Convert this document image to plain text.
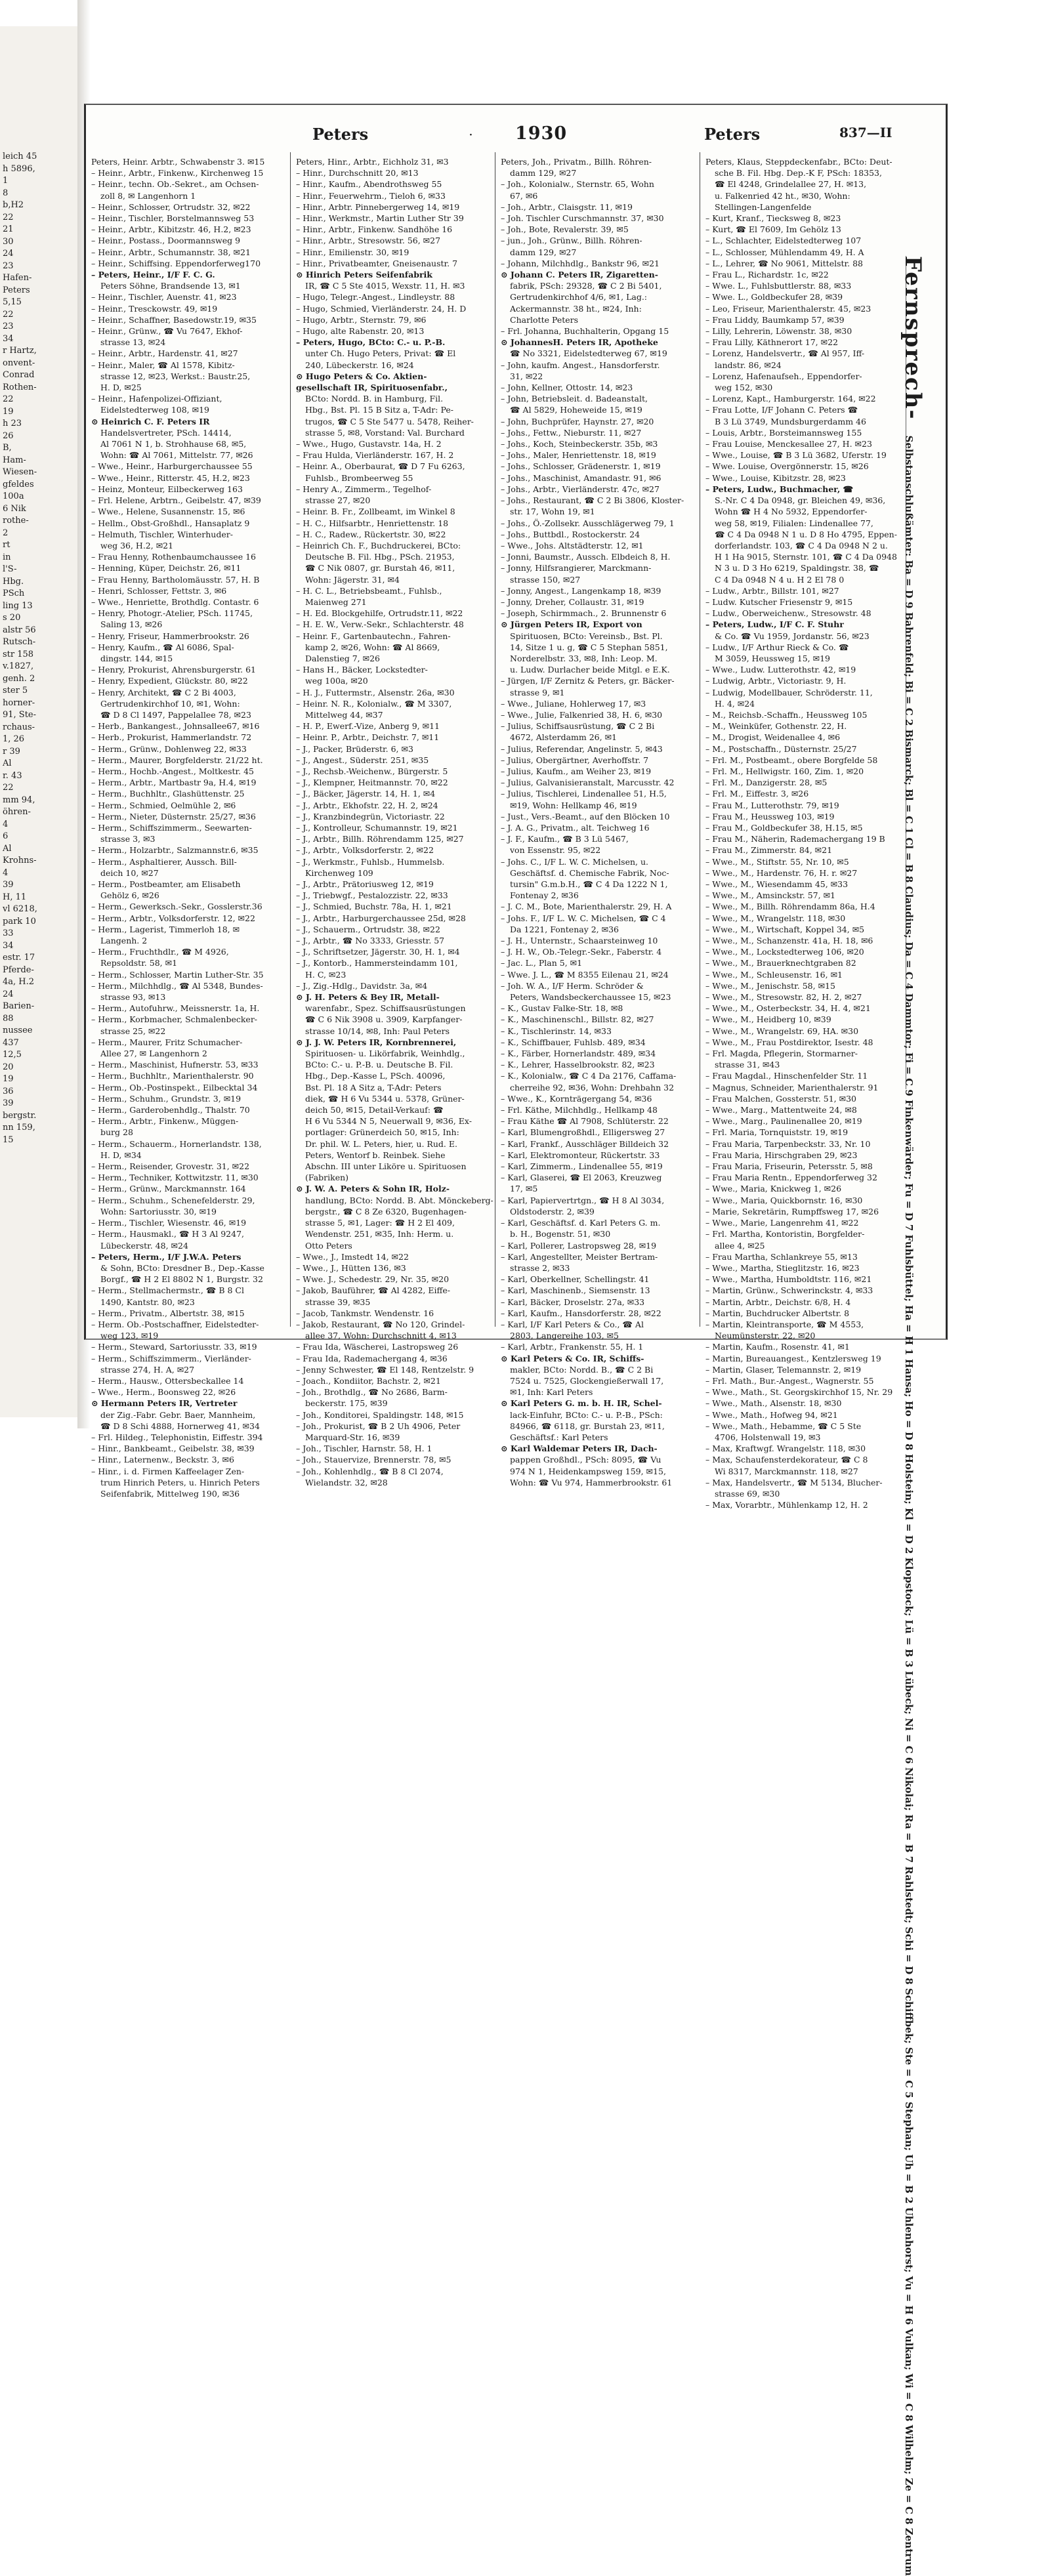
leich 45
h 5896,
1
8
b,H2
22
21
30
24
23
Hafen-
Peters
5,15
22
23
34
r Hartz,
onvent-
Conrad
Rothen-
22
19
h 23
26
B,
Ham-
Wiesen-
gfeldes
100a
6 Nik
rothe-
2
rt
in
l'S-
Hbg.
PSch
ling 13
s 20
alstr 56
Rutsch-
str 158
v.1827,
genh. 2
ster 5
horner-
91, Ste-
rchaus-
1, 26
r 39
Al
r. 43
22
mm 94,
öhren-
4
6
Al
Krohns-
4
39
H, 11
vl 6218,
park 10
33
34
estr. 17
Pferde-
4a, H.2
24
Barien-
88
nussee
437
12,5
20
19
36
39
bergstr.
nn 159,
15
Peters	· 1930	Peters	837—II
Peters, Heinr. Arbtr., Schwabenstr 3. ✉15
– Heinr., Arbtr., Finkenw., Kirchenweg 15
– Heinr., techn. Ob.-Sekret., am Ochsen-
zoll 8, ✉ Langenhorn 1
– Heinr., Schlosser, Ortrudstr. 32, ✉22
– Heinr., Tischler, Borstelmannsweg 53
– Heinr., Arbtr., Kibitzstr. 46, H.2, ✉23
– Heinr., Postass., Doormannsweg 9
– Heinr., Arbtr., Schumannstr. 38, ✉21
– Heinr., Schiffsing. Eppendorferweg170
– Peters, Heinr., I/F F. C. G.
Peters Söhne, Brandsende 13, ✉1
– Heinr., Tischler, Auenstr. 41, ✉23
– Heinr., Tresckowstr. 49, ✉19
– Heinr., Schaffner, Basedowstr.19, ✉35
– Heinr., Grünw., ☎ Vu 7647, Ekhof-
strasse 13, ✉24
– Heinr., Arbtr., Hardenstr. 41, ✉27
– Heinr., Maler, ☎ Al 1578, Kibitz-
strasse 12, ✉23, Werkst.: Baustr.25,
H. D, ✉25
– Heinr., Hafenpolizei-Offiziant,
Eidelstedterweg 108, ✉19
⊙ Heinrich C. F. Peters IR
Handelsvertreter, PSch. 14414,
Al 7061 N 1, b. Strohhause 68, ✉5,
Wohn: ☎ Al 7061, Mittelstr. 77, ✉26
– Wwe., Heinr., Harburgerchaussee 55
– Wwe., Heinr., Ritterstr. 45, H.2, ✉23
– Heinz, Monteur, Eilbeckerweg 163
– Frl. Helene, Arbtrn., Geibelstr. 47, ✉39
– Wwe., Helene, Susannenstr. 15, ✉6
– Hellm., Obst-Großhdl., Hansaplatz 9
– Helmuth, Tischler, Winterhuder-
weg 36, H.2, ✉21
– Frau Henny, Rothenbaumchaussee 16
– Henning, Küper, Deichstr. 26, ✉11
– Frau Henny, Bartholomäusstr. 57, H. B
– Henri, Schlosser, Fettstr. 3, ✉6
– Wwe., Henriette, Brothdlg. Contastr. 6
– Henry, Photogr.-Atelier, PSch. 11745,
Saling 13, ✉26
– Henry, Friseur, Hammerbrookstr. 26
– Henry, Kaufm., ☎ Al 6086, Spal-
dingstr. 144, ✉15
– Henry, Prokurist, Ahrensburgerstr. 61
– Henry, Expedient, Glückstr. 80, ✉22
– Henry, Architekt, ☎ C 2 Bi 4003,
Gertrudenkirchhof 10, ✉1, Wohn:
☎ D 8 Cl 1497, Pappelallee 78, ✉23
– Herb., Bankangest., Johnsallee67, ✉16
– Herb., Prokurist, Hammerlandstr. 72
– Herm., Grünw., Dohlenweg 22, ✉33
– Herm., Maurer, Borgfelderstr. 21/22 ht.
– Herm., Hochb.-Angest., Moltkestr. 45
– Herm., Arbtr., Martbastr 9a, H.4, ✉19
– Herm., Buchhltr., Glashüttenstr. 25
– Herm., Schmied, Oelmühle 2, ✉6
– Herm., Nieter, Düsternstr. 25/27, ✉36
– Herm., Schiffszimmerm., Seewarten-
strasse 3, ✉3
– Herm., Holzarbtr., Salzmannstr.6, ✉35
– Herm., Asphaltierer, Aussch. Bill-
deich 10, ✉27
– Herm., Postbeamter, am Elisabeth
Gehölz 6, ✉26
– Herm., Gewerksch.-Sekr., Gosslerstr.36
– Herm., Arbtr., Volksdorferstr. 12, ✉22
– Herm., Lagerist, Timmerloh 18, ✉
Langenh. 2
– Herm., Fruchthdlr., ☎ M 4926,
Repsoldstr. 58, ✉1
– Herm., Schlosser, Martin Luther-Str. 35
– Herm., Milchhdlg., ☎ Al 5348, Bundes-
strasse 93, ✉13
– Herm., Autofuhrw., Meissnerstr. 1a, H.
– Herm., Korbmacher, Schmalenbecker-
strasse 25, ✉22
– Herm., Maurer, Fritz Schumacher-
Allee 27, ✉ Langenhorn 2
– Herm., Maschinist, Hufnerstr. 53, ✉33
– Herm., Buchhltr., Marienthalerstr. 90
– Herm., Ob.-Postinspekt., Eilbecktal 34
– Herm., Schuhm., Grundstr. 3, ✉19
– Herm., Garderobenhdlg., Thalstr. 70
– Herm., Arbtr., Finkenw., Müggen-
burg 28
– Herm., Schauerm., Hornerlandstr. 138,
H. D, ✉34
– Herm., Reisender, Grovestr. 31, ✉22
– Herm., Techniker, Kottwitzstr. 11, ✉30
– Herm., Grünw., Marckmannstr. 164
– Herm., Schuhm., Schenefelderstr. 29,
Wohn: Sartoriusstr. 30, ✉19
– Herm., Tischler, Wiesenstr. 46, ✉19
– Herm., Hausmakl., ☎ H 3 Al 9247,
Lübeckerstr. 48, ✉24
– Peters, Herm., I/F J.W.A. Peters
& Sohn, BCto: Dresdner B., Dep.-Kasse
Borgf., ☎ H 2 El 8802 N 1, Burgstr. 32
– Herm., Stellmachermstr., ☎ B 8 Cl
1490, Kantstr. 80, ✉23
– Herm., Privatm., Albertstr. 38, ✉15
– Herm. Ob.-Postschaffner, Eidelstedter-
weg 123, ✉19
– Herm., Steward, Sartoriusstr. 33, ✉19
– Herm., Schiffszimmerm., Vierländer-
strasse 274, H. A, ✉27
– Herm., Hausw., Ottersbeckallee 14
– Wwe., Herm., Boonsweg 22, ✉26
⊙ Hermann Peters IR, Vertreter
der Zig.-Fabr. Gebr. Baer, Mannheim,
☎ D 8 Schi 4888, Hornerweg 41, ✉34
– Frl. Hildeg., Telephonistin, Eiffestr. 394
– Hinr., Bankbeamt., Geibelstr. 38, ✉39
– Hinr., Laternenw., Beckstr. 3, ✉6
– Hinr., i. d. Firmen Kaffeelager Zen-
trum Hinrich Peters, u. Hinrich Peters
Seifenfabrik, Mittelweg 190, ✉36
Peters, Hinr., Arbtr., Eichholz 31, ✉3
– Hinr., Durchschnitt 20, ✉13
– Hinr., Kaufm., Abendrothsweg 55
– Hinr., Feuerwehrm., Tieloh 6, ✉33
– Hinr., Arbtr. Pinnebergerweg 14, ✉19
– Hinr., Werkmstr., Martin Luther Str 39
– Hinr., Arbtr., Finkenw. Sandhöhe 16
– Hinr., Arbtr., Stresowstr. 56, ✉27
– Hinr., Emilienstr. 30, ✉19
– Hinr., Privatbeamter, Gneisenaustr. 7
⊙ Hinrich Peters Seifenfabrik
IR, ☎ C 5 Ste 4015, Wexstr. 11, H. ✉3
– Hugo, Telegr.-Angest., Lindleystr. 88
– Hugo, Schmied, Vierländerstr. 24, H. D
– Hugo, Arbtr., Sternstr. 79, ✉6
– Hugo, alte Rabenstr. 20, ✉13
– Peters, Hugo, BCto: C.- u. P.-B.
unter Ch. Hugo Peters, Privat: ☎ El
240, Lübeckerstr. 16, ✉24
⊙ Hugo Peters & Co. Aktien-
gesellschaft IR, Spirituosenfabr.,
BCto: Nordd. B. in Hamburg, Fil.
Hbg., Bst. Pl. 15 B Sitz a, T-Adr: Pe-
trugos, ☎ C 5 Ste 5477 u. 5478, Reiher-
strasse 5, ✉8, Vorstand: Val. Burchard
– Wwe., Hugo, Gustavstr. 14a, H. 2
– Frau Hulda, Vierländerstr. 167, H. 2
– Heinr. A., Oberbaurat, ☎ D 7 Fu 6263,
Fuhlsb., Brombeerweg 55
– Henry A., Zimmerm., Tegelhof-
strasse 27, ✉20
– Heinr. B. Fr., Zollbeamt, im Winkel 8
– H. C., Hilfsarbtr., Henriettenstr. 18
– H. C., Radew., Rückertstr. 30, ✉22
– Heinrich Ch. F., Buchdruckerei, BCto:
Deutsche B. Fil. Hbg., PSch. 21953,
☎ C Nik 0807, gr. Burstah 46, ✉11,
Wohn: Jägerstr. 31, ✉4
– H. C. L., Betriebsbeamt., Fuhlsb.,
Maienweg 271
– H. Ed. Blockgehilfe, Ortrudstr.11, ✉22
– H. E. W., Verw.-Sekr., Schlachterstr. 48
– Heinr. F., Gartenbautechn., Fahren-
kamp 2, ✉26, Wohn: ☎ Al 8669,
Dalenstieg 7, ✉26
– Hans H., Bäcker, Lockstedter-
weg 100a, ✉20
– H. J., Futtermstr., Alsenstr. 26a, ✉30
– Heinr. N. R., Kolonialw., ☎ M 3307,
Mittelweg 44, ✉37
– H. P., Ewerf.-Vize, Anberg 9, ✉11
– Heinr. P., Arbtr., Deichstr. 7, ✉11
– J., Packer, Brüderstr. 6, ✉3
– J., Angest., Süderstr. 251, ✉35
– J., Rechsb.-Weichenw., Bürgerstr. 5
– J., Klempner, Heitmannstr. 70, ✉22
– J., Bäcker, Jägerstr. 14, H. 1, ✉4
– J., Arbtr., Ekhofstr. 22, H. 2, ✉24
– J., Kranzbindegrün, Victoriastr. 22
– J., Kontrolleur, Schumannstr. 19, ✉21
– J., Arbtr., Billh. Röhrendamm 125, ✉27
– J., Arbtr., Volksdorferstr. 2, ✉22
– J., Werkmstr., Fuhlsb., Hummelsb.
Kirchenweg 109
– J., Arbtr., Prätoriusweg 12, ✉19
– J., Triebwgf., Pestalozzistr. 22, ✉33
– J., Schmied, Buchstr. 78a, H. 1, ✉21
– J., Arbtr., Harburgerchaussee 25d, ✉28
– J., Schauerm., Ortrudstr. 38, ✉22
– J., Arbtr., ☎ No 3333, Griesstr. 57
– J., Schriftsetzer, Jägerstr. 30, H. 1, ✉4
– J., Kontorb., Hammersteindamm 101,
H. C, ✉23
– J., Zig.-Hdlg., Davidstr. 3a, ✉4
⊙ J. H. Peters & Bey IR, Metall-
warenfabr., Spez. Schiffsausrüstungen
☎ C 6 Nik 3908 u. 3909, Karpfanger-
strasse 10/14, ✉8, Inh: Paul Peters
⊙ J. J. W. Peters IR, Kornbrennerei,
Spirituosen- u. Likörfabrik, Weinhdlg.,
BCto: C.- u. P.-B. u. Deutsche B. Fil.
Hbg., Dep.-Kasse L, PSch. 40096,
Bst. Pl. 18 A Sitz a, T-Adr: Peters
diek, ☎ H 6 Vu 5344 u. 5378, Grüner-
deich 50, ✉15, Detail-Verkauf: ☎
H 6 Vu 5344 N 5, Neuerwall 9, ✉36, Ex-
portlager: Grünerdeich 50, ✉15, Inh:
Dr. phil. W. L. Peters, hier, u. Rud. E.
Peters, Wentorf b. Reinbek. Siehe
Abschn. III unter Liköre u. Spirituosen
(Fabriken)
⊙ J. W. A. Peters & Sohn IR, Holz-
handlung, BCto: Nordd. B. Abt. Mönckeberg-
bergstr., ☎ C 8 Ze 6320, Bugenhagen-
strasse 5, ✉1, Lager: ☎ H 2 El 409,
Wendenstr. 251, ✉35, Inh: Herm. u.
Otto Peters
– Wwe., J., Imstedt 14, ✉22
– Wwe., J., Hütten 136, ✉3
– Wwe. J., Schedestr. 29, Nr. 35, ✉20
– Jakob, Bauführer, ☎ Al 4282, Eiffe-
strasse 39, ✉35
– Jacob, Tankmstr. Wendenstr. 16
– Jakob, Restaurant, ☎ No 120, Grindel-
allee 37, Wohn: Durchschnitt 4, ✉13
– Frau Ida, Wäscherei, Lastropsweg 26
– Frau Ida, Rademachergang 4, ✉36
– Jenny Schwester, ☎ El 148, Rentzelstr. 9
– Joach., Kondiitor, Bachstr. 2, ✉21
– Joh., Brothdlg., ☎ No 2686, Barm-
beckerstr. 175, ✉39
– Joh., Konditorei, Spaldingstr. 148, ✉15
– Joh., Prokurist, ☎ B 2 Uh 4906, Peter
Marquard-Str. 16, ✉39
– Joh., Tischler, Harnstr. 58, H. 1
– Joh., Stauervize, Brennerstr. 78, ✉5
– Joh., Kohlenhdlg., ☎ B 8 Cl 2074,
Wielandstr. 32, ✉28
Peters, Joh., Privatm., Billh. Röhren-
damm 129, ✉27
– Joh., Kolonialw., Sternstr. 65, Wohn
67, ✉6
– Joh., Arbtr., Claisgstr. 11, ✉19
– Joh. Tischler Curschmannstr. 37, ✉30
– Joh., Bote, Revalerstr. 39, ✉5
– jun., Joh., Grünw., Billh. Röhren-
damm 129, ✉27
– Johann, Milchhdlg., Bankstr 96, ✉21
⊙ Johann C. Peters IR, Zigaretten-
fabrik, PSch: 29328, ☎ C 2 Bi 5401,
Gertrudenkirchhof 4/6, ✉1, Lag.:
Ackermannstr. 38 ht., ✉24, Inh:
Charlotte Peters
– Frl. Johanna, Buchhalterin, Opgang 15
⊙ JohannesH. Peters IR, Apotheke
☎ No 3321, Eidelstedterweg 67, ✉19
– John, kaufm. Angest., Hansdorferstr.
31, ✉22
– John, Kellner, Ottostr. 14, ✉23
– John, Betriebsleit. d. Badeanstalt,
☎ Al 5829, Hoheweide 15, ✉19
– John, Buchprüfer, Haynstr. 27, ✉20
– Johs., Fettw., Nieburstr. 11, ✉27
– Johs., Koch, Steinbeckerstr. 35b, ✉3
– Johs., Maler, Henriettenstr. 18, ✉19
– Johs., Schlosser, Grädenerstr. 1, ✉19
– Johs., Maschinist, Amandastr. 91, ✉6
– Johs., Arbtr., Vierländerstr. 47c, ✉27
– Johs., Restaurant, ☎ C 2 Bi 3806, Kloster-
str. 17, Wohn 19, ✉1
– Johs., Ö.-Zollsekr. Ausschlägerweg 79, 1
– Johs., Buttbdl., Rostockerstr. 24
– Wwe., Johs. Altstädterstr. 12, ✉1
– Jonni, Baumstr., Aussch. Elbdeich 8, H.
– Jonny, Hilfsrangierer, Marckmann-
strasse 150, ✉27
– Jonny, Angest., Langenkamp 18, ✉39
– Jonny, Dreher, Collaustr. 31, ✉19
– Joseph, Schirmmach., 2. Brunnenstr 6
⊙ Jürgen Peters IR, Export von
Spirituosen, BCto: Vereinsb., Bst. Pl.
14, Sitze 1 u. g, ☎ C 5 Stephan 5851,
Norderelbstr. 33, ✉8, Inh: Leop. M.
u. Ludw. Durlacher beide Mitgl. e E.K.
– Jürgen, I/F Zernitz & Peters, gr. Bäcker-
strasse 9, ✉1
– Wwe., Juliane, Hohlerweg 17, ✉3
– Wwe., Julie, Falkenried 38, H. 6, ✉30
– Julius, Schiffsausrüstung, ☎ C 2 Bi
4672, Alsterdamm 26, ✉1
– Julius, Referendar, Angelinstr. 5, ✉43
– Julius, Obergärtner, Averhoffstr. 7
– Julius, Kaufm., am Weiher 23, ✉19
– Julius, Galvanisieranstalt, Marcusstr. 42
– Julius, Tischlerei, Lindenallee 51, H.5,
✉19, Wohn: Hellkamp 46, ✉19
– Just., Vers.-Beamt., auf den Blöcken 10
– J. A. G., Privatm., alt. Teichweg 16
– J. F., Kaufm., ☎ B 3 Lü 5467,
von Essenstr. 95, ✉22
– Johs. C., I/F L. W. C. Michelsen, u.
Geschäftsf. d. Chemische Fabrik, Noc-
tursin" G.m.b.H., ☎ C 4 Da 1222 N 1,
Fontenay 2, ✉36
– J. C. M., Bote, Marienthalerstr. 29, H. A
– Johs. F., I/F L. W. C. Michelsen, ☎ C 4
Da 1221, Fontenay 2, ✉36
– J. H., Unternstr., Schaarsteinweg 10
– J. H. W., Ob.-Telegr.-Sekr., Faberstr. 4
– Jac. L., Plan 5, ✉1
– Wwe. J. L., ☎ M 8355 Eilenau 21, ✉24
– Joh. W. A., I/F Herm. Schröder &
Peters, Wandsbeckerchaussee 15, ✉23
– K., Gustav Falke-Str. 18, ✉8
– K., Maschinenschl., Billstr. 82, ✉27
– K., Tischlerinstr. 14, ✉33
– K., Schiffbauer, Fuhlsb. 489, ✉34
– K., Färber, Hornerlandstr. 489, ✉34
– K., Lehrer, Hasselbrookstr. 82, ✉23
– K., Kolonialw., ☎ C 4 Da 2176, Caffama-
cherreihe 92, ✉36, Wohn: Drehbahn 32
– Wwe., K., Kornträgergang 54, ✉36
– Frl. Käthe, Milchhdlg., Hellkamp 48
– Frau Käthe ☎ Al 7908, Schlüterstr. 22
– Karl, Blumengroßhdl., Elligersweg 27
– Karl, Frankf., Ausschläger Billdeich 32
– Karl, Elektromonteur, Rückertstr. 33
– Karl, Zimmerm., Lindenallee 55, ✉19
– Karl, Glaserei, ☎ El 2063, Kreuzweg
17, ✉5
– Karl, Papiervertrtgn., ☎ H 8 Al 3034,
Oldstoderstr. 2, ✉39
– Karl, Geschäftsf. d. Karl Peters G. m.
b. H., Bogenstr. 51, ✉30
– Karl, Pollerer, Lastropsweg 28, ✉19
– Karl, Angestellter, Meister Bertram-
strasse 2, ✉33
– Karl, Oberkellner, Schellingstr. 41
– Karl, Maschinenb., Siemsenstr. 13
– Karl, Bäcker, Droselstr. 27a, ✉33
– Karl, Kaufm., Hansdorferstr. 28, ✉22
– Karl, I/F Karl Peters & Co., ☎ Al
2803, Langereihe 103, ✉5
– Karl, Arbtr., Frankenstr. 55, H. 1
⊙ Karl Peters & Co. IR, Schiffs-
makler, BCto: Nordd. B., ☎ C 2 Bi
7524 u. 7525, Glockengießerwall 17,
✉1, Inh: Karl Peters
⊙ Karl Peters G. m. b. H. IR, Schel-
lack-Einfuhr, BCto: C.- u. P.-B., PSch:
84966, ☎ 6118, gr. Burstah 23, ✉11,
Geschäftsf.: Karl Peters
⊙ Karl Waldemar Peters IR, Dach-
pappen Großhdl., PSch: 8095, ☎ Vu
974 N 1, Heidenkampsweg 159, ✉15,
Wohn: ☎ Vu 974, Hammerbrookstr. 61
Peters, Klaus, Steppdeckenfabr., BCto: Deut-
sche B. Fil. Hbg. Dep.-K F, PSch: 18353,
☎ El 4248, Grindelallee 27, H. ✉13,
u. Falkenried 42 ht., ✉30, Wohn:
Stellingen-Langenfelde
– Kurt, Kranf., Tiecksweg 8, ✉23
– Kurt, ☎ El 7609, Im Gehölz 13
– L., Schlachter, Eidelstedterweg 107
– L., Schlosser, Mühlendamm 49, H. A
– L., Lehrer, ☎ No 9061, Mittelstr. 88
– Frau L., Richardstr. 1c, ✉22
– Wwe. L., Fuhlsbuttlerstr. 88, ✉33
– Wwe. L., Goldbeckufer 28, ✉39
– Leo, Friseur, Marienthalerstr. 45, ✉23
– Frau Liddy, Baumkamp 57, ✉39
– Lilly, Lehrerin, Löwenstr. 38, ✉30
– Frau Lilly, Käthnerort 17, ✉22
– Lorenz, Handelsvertr., ☎ Al 957, Iff-
landstr. 86, ✉24
– Lorenz, Hafenaufseh., Eppendorfer-
weg 152, ✉30
– Lorenz, Kapt., Hamburgerstr. 164, ✉22
– Frau Lotte, I/F Johann C. Peters ☎
B 3 Lü 3749, Mundsburgerdamm 46
– Louis, Arbtr., Borsteimannsweg 155
– Frau Louise, Menckesallee 27, H. ✉23
– Wwe., Louise, ☎ B 3 Lü 3682, Uferstr. 19
– Wwe. Louise, Overgönnerstr. 15, ✉26
– Wwe., Louise, Kibitzstr. 28, ✉23
– Peters, Ludw., Buchmacher, ☎
S.-Nr. C 4 Da 0948, gr. Bleichen 49, ✉36,
Wohn ☎ H 4 No 5932, Eppendorfer-
weg 58, ✉19, Filialen: Lindenallee 77,
☎ C 4 Da 0948 N 1 u. D 8 Ho 4795, Eppen-
dorferlandstr. 103, ☎ C 4 Da 0948 N 2 u.
H 1 Ha 9015, Sternstr. 101, ☎ C 4 Da 0948
N 3 u. D 3 Ho 6219, Spaldingstr. 38, ☎
C 4 Da 0948 N 4 u. H 2 El 78 0
– Ludw., Arbtr., Billstr. 101, ✉27
– Ludw. Kutscher Friesenstr 9, ✉15
– Ludw., Oberweichenw., Stresowstr. 48
– Peters, Ludw., I/F C. F. Stuhr
& Co. ☎ Vu 1959, Jordanstr. 56, ✉23
– Ludw., I/F Arthur Rieck & Co. ☎
M 3059, Heussweg 15, ✉19
– Wwe., Ludw. Lutterothstr. 42, ✉19
– Ludwig, Arbtr., Victoriastr. 9, H.
– Ludwig, Modellbauer, Schröderstr. 11,
H. 4, ✉24
– M., Reichsb.-Schaffn., Heussweg 105
– M., Weinküfer, Gothenstr. 22, H.
– M., Drogist, Weidenallee 4, ✉6
– M., Postschaffn., Düsternstr. 25/27
– Frl. M., Postbeamt., obere Borgfelde 58
– Frl. M., Hellwigstr. 160, Zim. 1, ✉20
– Frl. M., Danzigerstr. 28, ✉5
– Frl. M., Eiffestr. 3, ✉26
– Frau M., Lutterothstr. 79, ✉19
– Frau M., Heussweg 103, ✉19
– Frau M., Goldbeckufer 38, H.15, ✉5
– Frau M., Näherin, Rademachergang 19 B
– Frau M., Zimmerstr. 84, ✉21
– Wwe., M., Stiftstr. 55, Nr. 10, ✉5
– Wwe., M., Hardenstr. 76, H. r. ✉27
– Wwe., M., Wiesendamm 45, ✉33
– Wwe., M., Amsinckstr. 57, ✉1
– Wwe., M., Billh. Röhrendamm 86a, H.4
– Wwe., M., Wrangelstr. 118, ✉30
– Wwe., M., Wirtschaft, Koppel 34, ✉5
– Wwe., M., Schanzenstr. 41a, H. 18, ✉6
– Wwe., M., Lockstedterweg 106, ✉20
– Wwe., M., Brauerknechtgraben 82
– Wwe., M., Schleusenstr. 16, ✉1
– Wwe., M., Jenischstr. 58, ✉15
– Wwe., M., Stresowstr. 82, H. 2, ✉27
– Wwe., M., Osterbeckstr. 34, H. 4, ✉21
– Wwe., M., Heidberg 10, ✉39
– Wwe., M., Wrangelstr. 69, HA. ✉30
– Wwe., M., Frau Postdirektor, Isestr. 48
– Frl. Magda, Pflegerin, Stormarner-
strasse 31, ✉43
– Frau Magdal., Hinschenfelder Str. 11
– Magnus, Schneider, Marienthalerstr. 91
– Frau Malchen, Gossterstr. 51, ✉30
– Wwe., Marg., Mattentweite 24, ✉8
– Wwe., Marg., Paulinenallee 20, ✉19
– Frl. Maria, Tornquiststr. 19, ✉19
– Frau Maria, Tarpenbeckstr. 33, Nr. 10
– Frau Maria, Hirschgraben 29, ✉23
– Frau Maria, Friseurin, Petersstr. 5, ✉8
– Frau Maria Rentn., Eppendorferweg 32
– Wwe., Maria, Knickweg 1, ✉26
– Wwe., Maria, Quickbornstr. 16, ✉30
– Marie, Sekretärin, Rumpffsweg 17, ✉26
– Wwe., Marie, Langenrehm 41, ✉22
– Frl. Martha, Kontoristin, Borgfelder-
allee 4, ✉25
– Frau Martha, Schlankreye 55, ✉13
– Wwe., Martha, Stieglitzstr. 16, ✉23
– Wwe., Martha, Humboldtstr. 116, ✉21
– Martin, Grünw., Schwerinckstr. 4, ✉33
– Martin, Arbtr., Deichstr. 6/8, H. 4
– Martin, Buchdrucker Albertstr. 8
– Martin, Kleintransporte, ☎ M 4553,
Neumünsterstr. 22, ✉20
– Martin, Kaufm., Rosenstr. 41, ✉1
– Martin, Bureauangest., Kentzlersweg 19
– Martin, Glaser, Telemannstr. 2, ✉19
– Frl. Math., Bur.-Angest., Wagnerstr. 55
– Wwe., Math., St. Georgskirchhof 15, Nr. 29
– Wwe., Math., Alsenstr. 18, ✉30
– Wwe., Math., Hofweg 94, ✉21
– Wwe., Math., Hebamme, ☎ C 5 Ste
4706, Holstenwall 19, ✉3
– Max, Kraftwgf. Wrangelstr. 118, ✉30
– Max, Schaufensterdekorateur, ☎ C 8
Wi 8317, Marckmannstr. 118, ✉27
– Max, Handelsvertr., ☎ M 5134, Blucher-
strasse 69, ✉30
– Max, Vorarbtr., Mühlenkamp 12, H. 2
Fernsprech- Selbstanschlußämter: Ba = D 9 Bahrenfeld; Bi = C 2 Bismarck; Bl = C 1 Cl = B 8 Claudius; Da = C 4 Dammtor; Fi = C 9 Finkenwärder; Fu = D 7 Fuhlsbüttel; Ha = H 1 Hansa; Ho = D 8 Holstein; Kl = D 2 Klopstock; Lü = B 3 Lübeck; Ni = C 6 Nikolai; Ra = B 7 Rahlstedt; Schi = D 8 Schiffbek; Ste = C 5 Stephan; Uh = B 2 Uhlenhorst; Vu = H 6 Vulkan; Wi = C 8 Wilhelm; Ze = C 8 Zentrum
